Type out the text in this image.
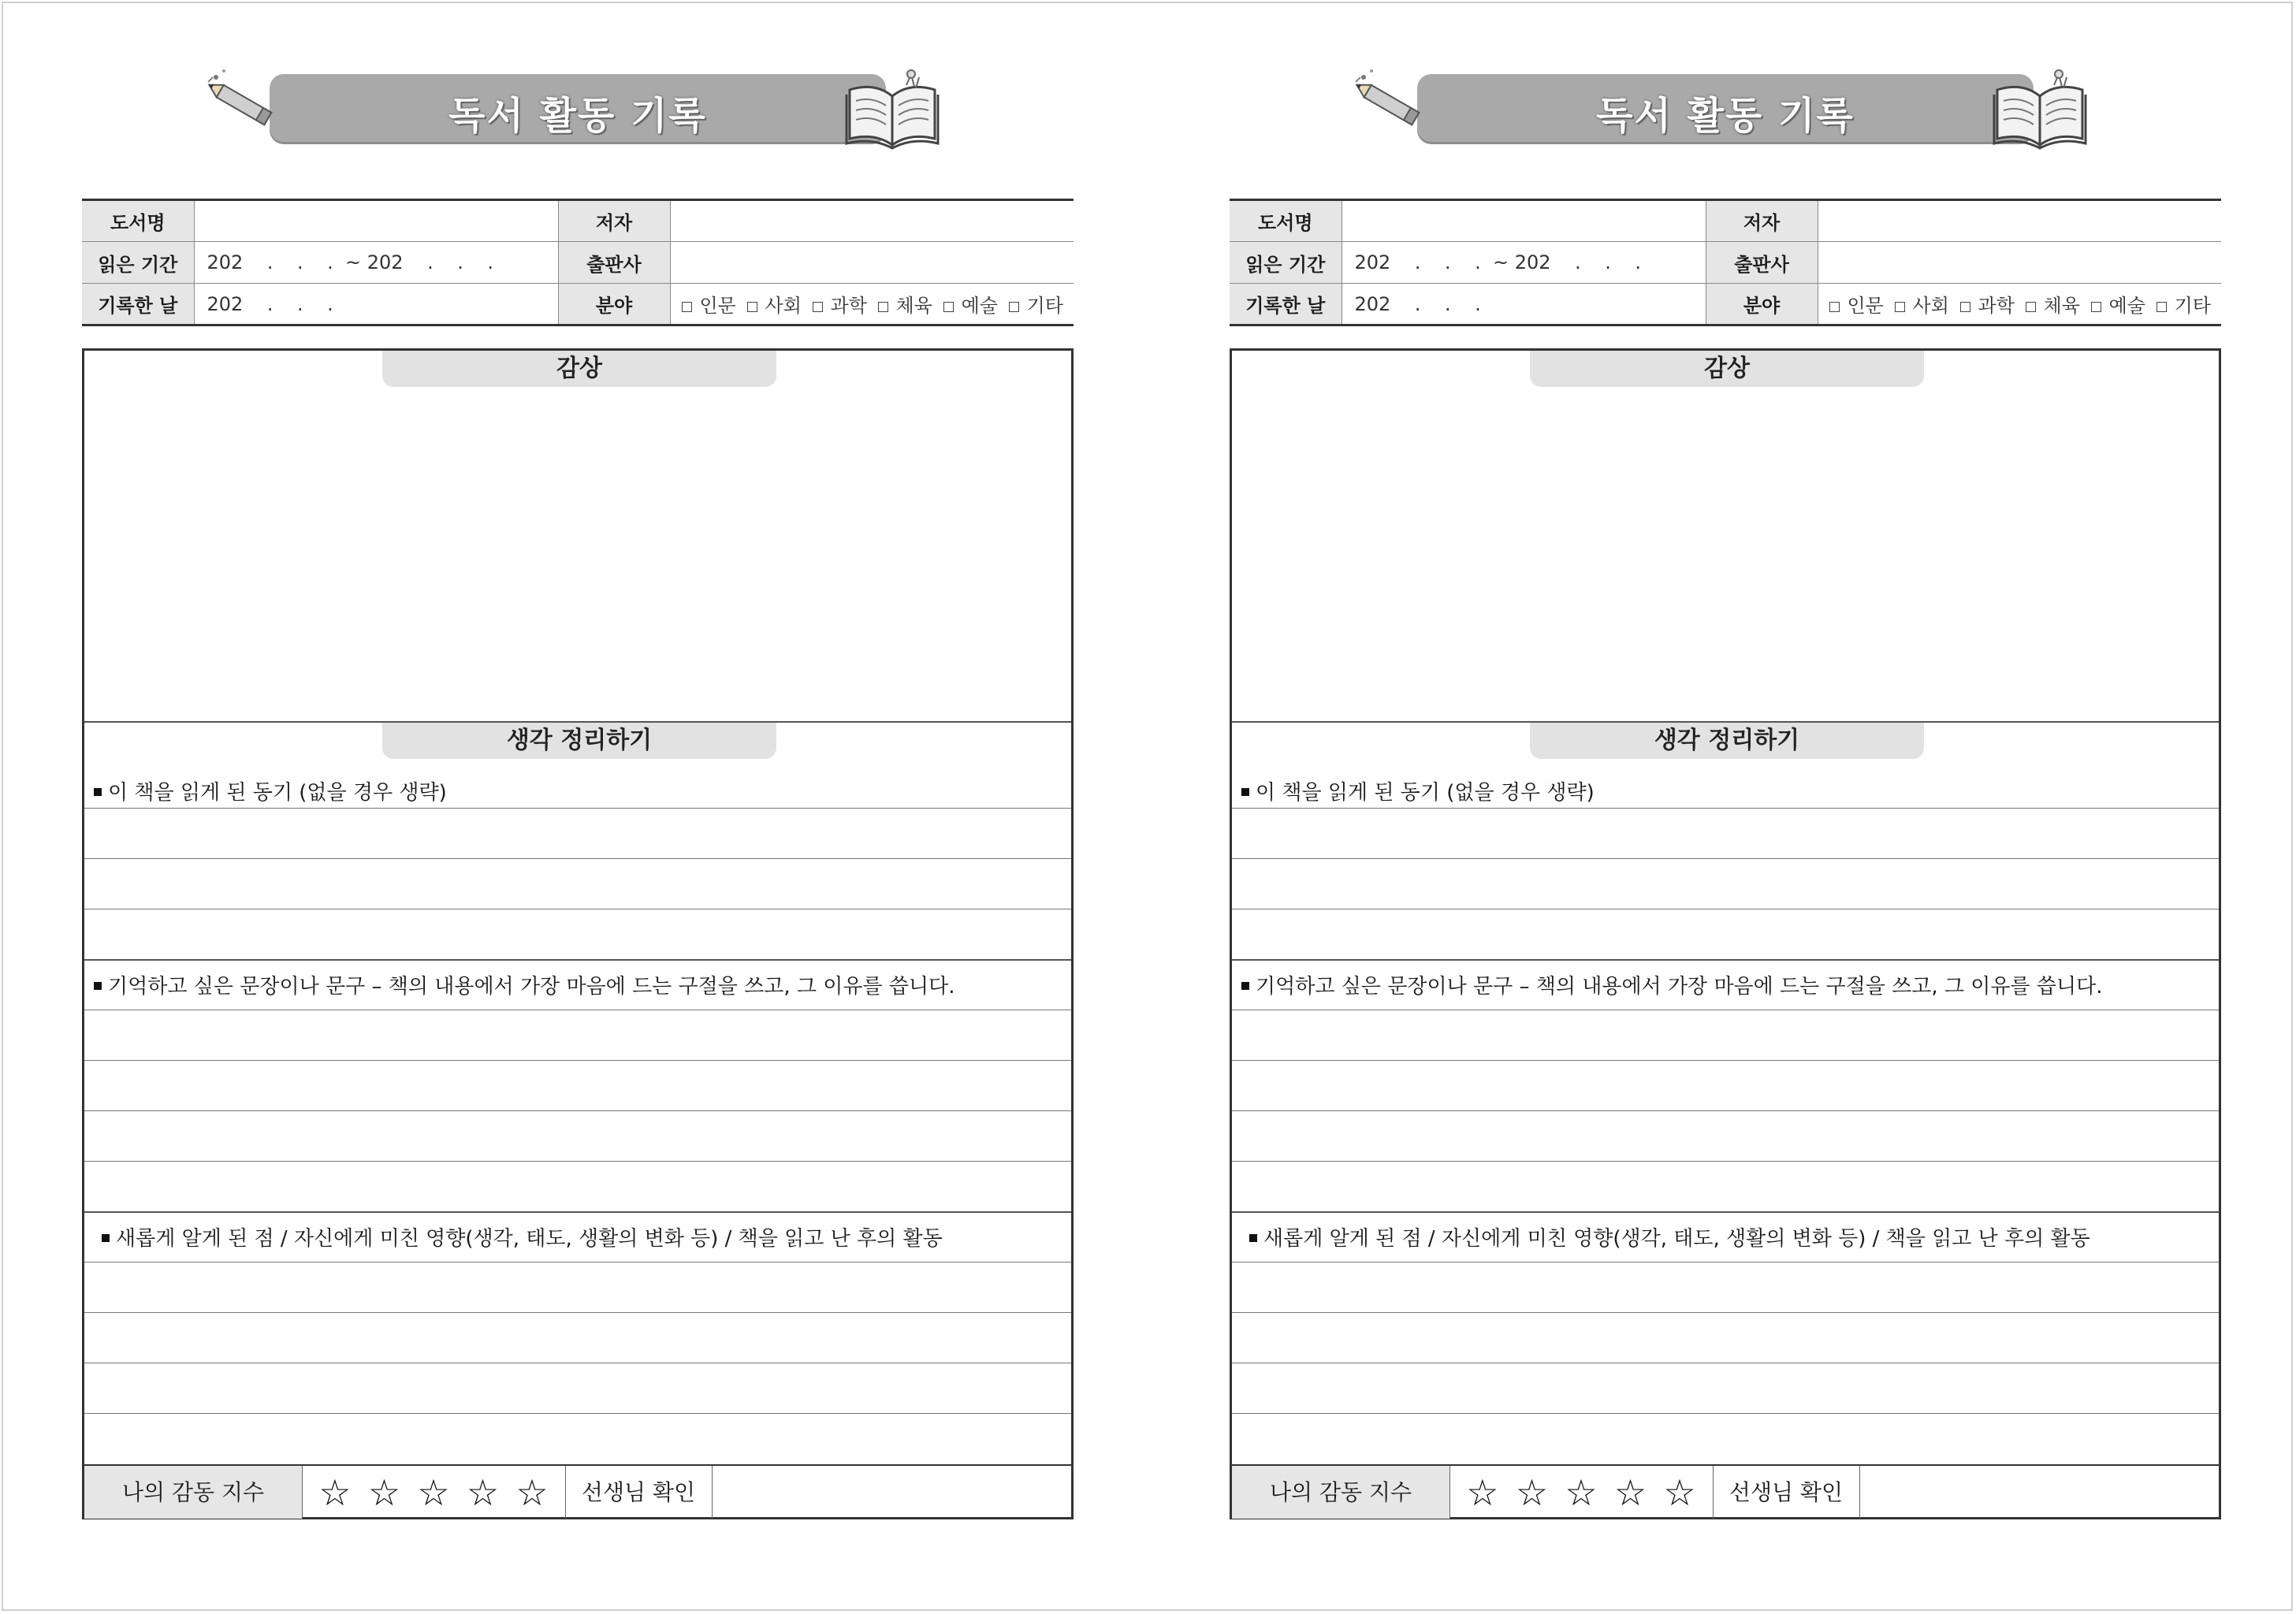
독서 활동 기록
도서명		저자	
읽은 기간	202    .    .    .  ~ 202    .    .    .	출판사	
기록한 날	202    .    .    .	분야	인문 사회 과학 체육 예술 기타
감상
생각 정리하기
이 책을 읽게 된 동기 (없을 경우 생략)
기억하고 싶은 문장이나 문구 – 책의 내용에서 가장 마음에 드는 구절을 쓰고, 그 이유를 씁니다.
새롭게 알게 된 점 / 자신에게 미친 영향(생각, 태도, 생활의 변화 등) / 책을 읽고 난 후의 활동
나의 감동 지수	☆ ☆ ☆ ☆ ☆	선생님 확인
독서 활동 기록
도서명		저자	
읽은 기간	202    .    .    .  ~ 202    .    .    .	출판사	
기록한 날	202    .    .    .	분야	인문 사회 과학 체육 예술 기타
감상
생각 정리하기
이 책을 읽게 된 동기 (없을 경우 생략)
기억하고 싶은 문장이나 문구 – 책의 내용에서 가장 마음에 드는 구절을 쓰고, 그 이유를 씁니다.
새롭게 알게 된 점 / 자신에게 미친 영향(생각, 태도, 생활의 변화 등) / 책을 읽고 난 후의 활동
나의 감동 지수	☆ ☆ ☆ ☆ ☆	선생님 확인
